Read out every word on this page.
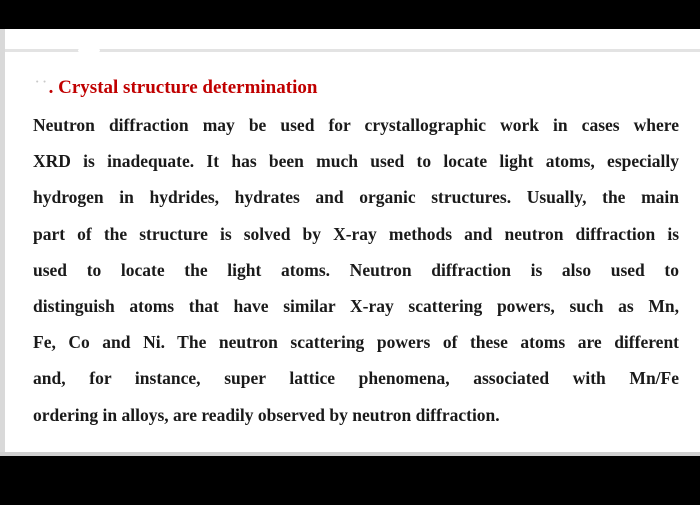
˙˙. Crystal structure determination
Neutron diffraction may be used for crystallographic work in cases where
XRD is inadequate. It has been much used to locate light atoms, especially
hydrogen in hydrides, hydrates and organic structures. Usually, the main
part of the structure is solved by X-ray methods and neutron diffraction is
used to locate the light atoms. Neutron diffraction is also used to
distinguish atoms that have similar X-ray scattering powers, such as Mn,
Fe, Co and Ni. The neutron scattering powers of these atoms are different
and, for instance, super lattice phenomena, associated with Mn/Fe
ordering in alloys, are readily observed by neutron diffraction.
